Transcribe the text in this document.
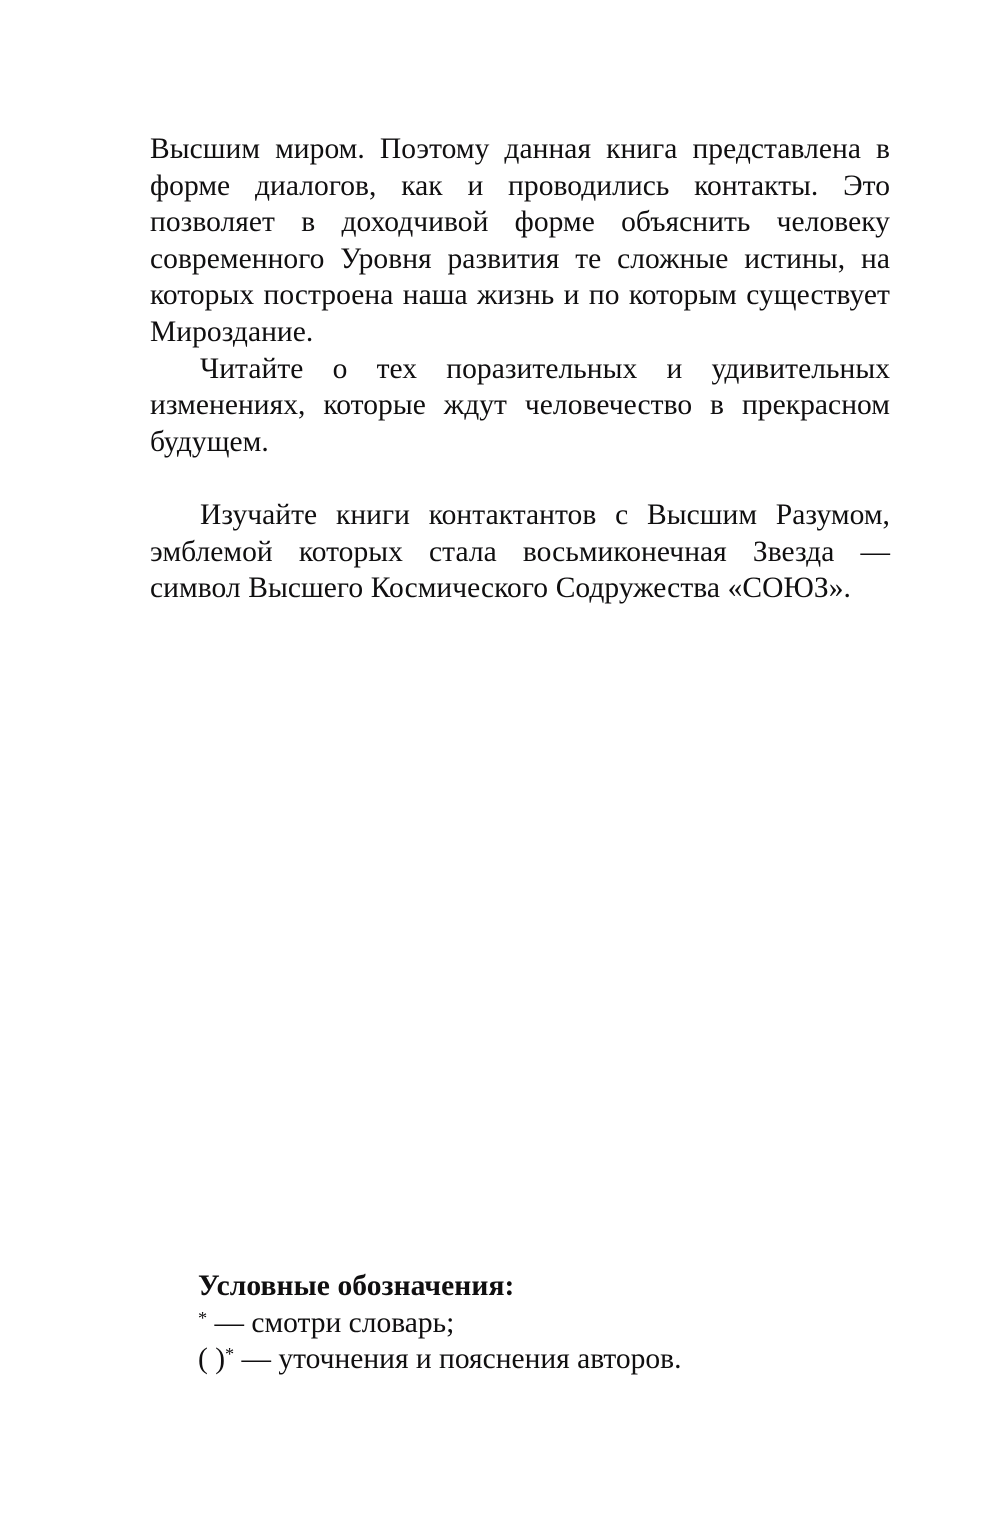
Высшим миром. Поэтому данная книга представлена в форме диалогов, как и проводились контакты. Это позволяет в доходчивой форме объяснить человеку современного Уровня развития те сложные истины, на которых построена наша жизнь и по которым существует Мироздание.

Читайте о тех поразительных и удивительных изменениях, которые ждут человечество в прекрасном будущем.

Изучайте книги контактантов с Высшим Разумом, эмблемой которых стала восьмиконечная Звезда — символ Высшего Космического Содружества «СОЮЗ».

Условные обозначения:

* — смотри словарь;

( )* — уточнения и пояснения авторов.
